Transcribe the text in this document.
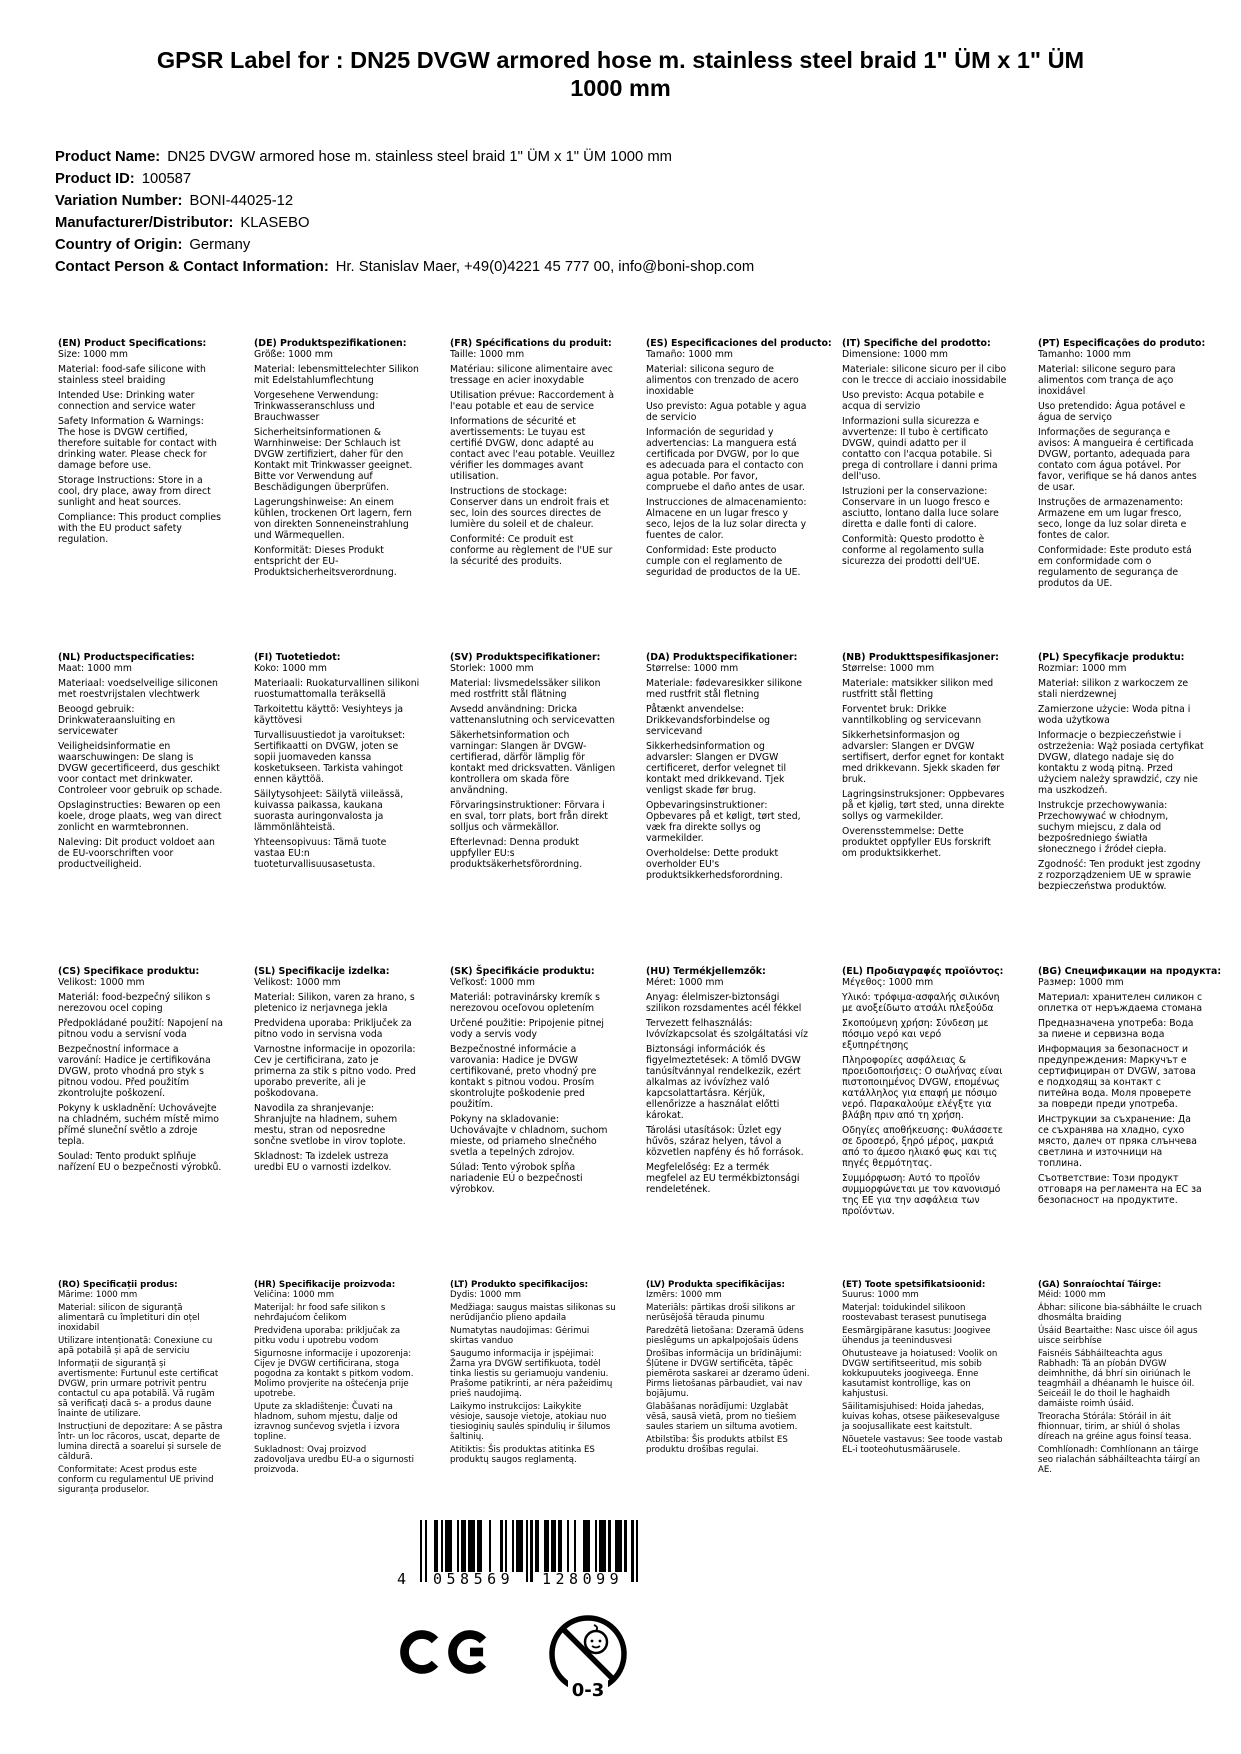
GPSR Label for : DN25 DVGW armored hose m. stainless steel braid 1" ÜM x 1" ÜM 1000 mm
Product Name: DN25 DVGW armored hose m. stainless steel braid 1" ÜM x 1" ÜM 1000 mm
Product ID: 100587
Variation Number: BONI-44025-12
Manufacturer/Distributor: KLASEBO
Country of Origin: Germany
Contact Person & Contact Information: Hr. Stanislav Maer, +49(0)4221 45 777 00, info@boni-shop.com
(EN) Product Specifications:

Size: 1000 mm

Material: food-safe silicone with stainless steel braiding

Intended Use: Drinking water connection and service water

Safety Information & Warnings: The hose is DVGW certified, therefore suitable for contact with drinking water. Please check for damage before use.

Storage Instructions: Store in a cool, dry place, away from direct sunlight and heat sources.

Compliance: This product complies with the EU product safety regulation.

(DE) Produktspezifikationen:

Größe: 1000 mm

Material: lebensmittelechter Silikon mit Edelstahlumflechtung

Vorgesehene Verwendung: Trinkwasseranschluss und Brauchwasser

Sicherheitsinformationen & Warnhinweise: Der Schlauch ist DVGW zertifiziert, daher für den Kontakt mit Trinkwasser geeignet. Bitte vor Verwendung auf Beschädigungen überprüfen.

Lagerungshinweise: An einem kühlen, trockenen Ort lagern, fern von direkten Sonneneinstrahlung und Wärmequellen.

Konformität: Dieses Produkt entspricht der EU-Produktsicherheitsverordnung.

(FR) Spécifications du produit:

Taille: 1000 mm

Matériau: silicone alimentaire avec tressage en acier inoxydable

Utilisation prévue: Raccordement à l'eau potable et eau de service

Informations de sécurité et avertissements: Le tuyau est certifié DVGW, donc adapté au contact avec l'eau potable. Veuillez vérifier les dommages avant utilisation.

Instructions de stockage: Conserver dans un endroit frais et sec, loin des sources directes de lumière du soleil et de chaleur.

Conformité: Ce produit est conforme au règlement de l'UE sur la sécurité des produits.

(ES) Especificaciones del producto:

Tamaño: 1000 mm

Material: silicona seguro de alimentos con trenzado de acero inoxidable

Uso previsto: Agua potable y agua de servicio

Información de seguridad y advertencias: La manguera está certificada por DVGW, por lo que es adecuada para el contacto con agua potable. Por favor, compruebe el daño antes de usar.

Instrucciones de almacenamiento: Almacene en un lugar fresco y seco, lejos de la luz solar directa y fuentes de calor.

Conformidad: Este producto cumple con el reglamento de seguridad de productos de la UE.

(IT) Specifiche del prodotto:

Dimensione: 1000 mm

Materiale: silicone sicuro per il cibo con le trecce di acciaio inossidabile

Uso previsto: Acqua potabile e acqua di servizio

Informazioni sulla sicurezza e avvertenze: Il tubo è certificato DVGW, quindi adatto per il contatto con l'acqua potabile. Si prega di controllare i danni prima dell'uso.

Istruzioni per la conservazione: Conservare in un luogo fresco e asciutto, lontano dalla luce solare diretta e dalle fonti di calore.

Conformità: Questo prodotto è conforme al regolamento sulla sicurezza dei prodotti dell'UE.

(PT) Especificações do produto:

Tamanho: 1000 mm

Material: silicone seguro para alimentos com trança de aço inoxidável

Uso pretendido: Água potável e água de serviço

Informações de segurança e avisos: A mangueira é certificada DVGW, portanto, adequada para contato com água potável. Por favor, verifique se há danos antes de usar.

Instruções de armazenamento: Armazene em um lugar fresco, seco, longe da luz solar direta e fontes de calor.

Conformidade: Este produto está em conformidade com o regulamento de segurança de produtos da UE.

(NL) Productspecificaties:

Maat: 1000 mm

Materiaal: voedselveilige siliconen met roestvrijstalen vlechtwerk

Beoogd gebruik: Drinkwateraansluiting en servicewater

Veiligheidsinformatie en waarschuwingen: De slang is DVGW gecertificeerd, dus geschikt voor contact met drinkwater. Controleer voor gebruik op schade.

Opslaginstructies: Bewaren op een koele, droge plaats, weg van direct zonlicht en warmtebronnen.

Naleving: Dit product voldoet aan de EU-voorschriften voor productveiligheid.

(FI) Tuotetiedot:

Koko: 1000 mm

Materiaali: Ruokaturvallinen silikoni ruostumattomalla teräksellä

Tarkoitettu käyttö: Vesiyhteys ja käyttövesi

Turvallisuustiedot ja varoitukset: Sertifikaatti on DVGW, joten se sopii juomaveden kanssa kosketukseen. Tarkista vahingot ennen käyttöä.

Säilytysohjeet: Säilytä viileässä, kuivassa paikassa, kaukana suorasta auringonvalosta ja lämmönlähteistä.

Yhteensopivuus: Tämä tuote vastaa EU:n tuoteturvallisuusasetusta.

(SV) Produktspecifikationer:

Storlek: 1000 mm

Material: livsmedelssäker silikon med rostfritt stål flätning

Avsedd användning: Dricka vattenanslutning och servicevatten

Säkerhetsinformation och varningar: Slangen är DVGW-certifierad, därför lämplig för kontakt med dricksvatten. Vänligen kontrollera om skada före användning.

Förvaringsinstruktioner: Förvara i en sval, torr plats, bort från direkt solljus och värmekällor.

Efterlevnad: Denna produkt uppfyller EU:s produktsäkerhetsförordning.

(DA) Produktspecifikationer:

Størrelse: 1000 mm

Materiale: fødevaresikker silikone med rustfrit stål fletning

Påtænkt anvendelse: Drikkevandsforbindelse og servicevand

Sikkerhedsinformation og advarsler: Slangen er DVGW certificeret, derfor velegnet til kontakt med drikkevand. Tjek venligst skade før brug.

Opbevaringsinstruktioner: Opbevares på et køligt, tørt sted, væk fra direkte sollys og varmekilder.

Overholdelse: Dette produkt overholder EU's produktsikkerhedsforordning.

(NB) Produkttspesifikasjoner:

Størrelse: 1000 mm

Materiale: matsikker silikon med rustfritt stål fletting

Forventet bruk: Drikke vanntilkobling og servicevann

Sikkerhetsinformasjon og advarsler: Slangen er DVGW sertifisert, derfor egnet for kontakt med drikkevann. Sjekk skaden før bruk.

Lagringsinstruksjoner: Oppbevares på et kjølig, tørt sted, unna direkte sollys og varmekilder.

Overensstemmelse: Dette produktet oppfyller EUs forskrift om produktsikkerhet.

(PL) Specyfikacje produktu:

Rozmiar: 1000 mm

Materiał: silikon z warkoczem ze stali nierdzewnej

Zamierzone użycie: Woda pitna i woda użytkowa

Informacje o bezpieczeństwie i ostrzeżenia: Wąż posiada certyfikat DVGW, dlatego nadaje się do kontaktu z wodą pitną. Przed użyciem należy sprawdzić, czy nie ma uszkodzeń.

Instrukcje przechowywania: Przechowywać w chłodnym, suchym miejscu, z dala od bezpośredniego światła słonecznego i źródeł ciepła.

Zgodność: Ten produkt jest zgodny z rozporządzeniem UE w sprawie bezpieczeństwa produktów.

(CS) Specifikace produktu:

Velikost: 1000 mm

Materiál: food-bezpečný silikon s nerezovou ocel coping

Předpokládané použití: Napojení na pitnou vodu a servisní voda

Bezpečnostní informace a varování: Hadice je certifikována DVGW, proto vhodná pro styk s pitnou vodou. Před použitím zkontrolujte poškození.

Pokyny k uskladnění: Uchovávejte na chladném, suchém místě mimo přímé sluneční světlo a zdroje tepla.

Soulad: Tento produkt splňuje nařízení EU o bezpečnosti výrobků.

(SL) Specifikacije izdelka:

Velikost: 1000 mm

Material: Silikon, varen za hrano, s pletenico iz nerjavnega jekla

Predvidena uporaba: Priključek za pitno vodo in servisna voda

Varnostne informacije in opozorila: Cev je certificirana, zato je primerna za stik s pitno vodo. Pred uporabo preverite, ali je poškodovana.

Navodila za shranjevanje: Shranjujte na hladnem, suhem mestu, stran od neposredne sončne svetlobe in virov toplote.

Skladnost: Ta izdelek ustreza uredbi EU o varnosti izdelkov.

(SK) Špecifikácie produktu:

Veľkosť: 1000 mm

Materiál: potravinársky kremík s nerezovou oceľovou opletením

Určené použitie: Pripojenie pitnej vody a servis vody

Bezpečnostné informácie a varovania: Hadice je DVGW certifikované, preto vhodný pre kontakt s pitnou vodou. Prosím skontrolujte poškodenie pred použitím.

Pokyny na skladovanie: Uchovávajte v chladnom, suchom mieste, od priameho slnečného svetla a tepelných zdrojov.

Súlad: Tento výrobok spĺňa nariadenie EÚ o bezpečnosti výrobkov.

(HU) Termékjellemzők:

Méret: 1000 mm

Anyag: élelmiszer-biztonsági szilikon rozsdamentes acél fékkel

Tervezett felhasználás: Ivóvízkapcsolat és szolgáltatási víz

Biztonsági információk és figyelmeztetések: A tömlő DVGW tanúsítvánnyal rendelkezik, ezért alkalmas az ivóvízhez való kapcsolattartásra. Kérjük, ellenőrizze a használat előtti károkat.

Tárolási utasítások: Üzlet egy hűvös, száraz helyen, távol a közvetlen napfény és hő források.

Megfelelőség: Ez a termék megfelel az EU termékbiztonsági rendeletének.

(EL) Προδιαγραφές προϊόντος:

Μέγεθος: 1000 mm

Υλικό: τρόφιμα-ασφαλής σιλικόνη με ανοξείδωτο ατσάλι πλεξούδα

Σκοπούμενη χρήση: Σύνδεση με πόσιμο νερό και νερό εξυπηρέτησης

Πληροφορίες ασφάλειας & προειδοποιήσεις: Ο σωλήνας είναι πιστοποιημένος DVGW, επομένως κατάλληλος για επαφή με πόσιμο νερό. Παρακαλούμε ελέγξτε για βλάβη πριν από τη χρήση.

Οδηγίες αποθήκευσης: Φυλάσσετε σε δροσερό, ξηρό μέρος, μακριά από το άμεσο ηλιακό φως και τις πηγές θερμότητας.

Συμμόρφωση: Αυτό το προϊόν συμμορφώνεται με τον κανονισμό της ΕΕ για την ασφάλεια των προϊόντων.

(BG) Спецификации на продукта:

Размер: 1000 mm

Материал: хранителен силикон с оплетка от неръждаема стомана

Предназначена употреба: Вода за пиене и сервизна вода

Информация за безопасност и предупреждения: Маркучът е сертифициран от DVGW, затова е подходящ за контакт с питейна вода. Моля проверете за повреди преди употреба.

Инструкции за съхранение: Да се съхранява на хладно, сухо място, далеч от пряка слънчева светлина и източници на топлина.

Съответствие: Този продукт отговаря на регламента на ЕС за безопасност на продуктите.

(RO) Specificații produs:

Mărime: 1000 mm

Material: silicon de siguranță alimentară cu împletituri din oțel inoxidabil

Utilizare intenționată: Conexiune cu apă potabilă și apă de serviciu

Informații de siguranță și avertismente: Furtunul este certificat DVGW, prin urmare potrivit pentru contactul cu apa potabilă. Vă rugăm să verificați dacă s- a produs daune înainte de utilizare.

Instrucțiuni de depozitare: A se păstra într- un loc răcoros, uscat, departe de lumina directă a soarelui și sursele de căldură.

Conformitate: Acest produs este conform cu regulamentul UE privind siguranța produselor.

(HR) Specifikacije proizvoda:

Veličina: 1000 mm

Materijal: hr food safe silikon s nehrđajućom čelikom

Predviđena uporaba: priključak za pitku vodu i upotrebu vodom

Sigurnosne informacije i upozorenja: Cijev je DVGW certificirana, stoga pogodna za kontakt s pitkom vodom. Molimo provjerite na oštećenja prije upotrebe.

Upute za skladištenje: Čuvati na hladnom, suhom mjestu, dalje od izravnog sunčevog svjetla i izvora topline.

Sukladnost: Ovaj proizvod zadovoljava uredbu EU-a o sigurnosti proizvoda.

(LT) Produkto specifikacijos:

Dydis: 1000 mm

Medžiaga: saugus maistas silikonas su nerūdijančio plieno apdaila

Numatytas naudojimas: Gėrimui skirtas vanduo

Saugumo informacija ir įspėjimai: Žarna yra DVGW sertifikuota, todėl tinka liestis su geriamuoju vandeniu. Prašome patikrinti, ar nėra pažeidimų prieš naudojimą.

Laikymo instrukcijos: Laikykite vėsioje, sausoje vietoje, atokiau nuo tiesioginių saulės spindulių ir šilumos šaltinių.

Atitiktis: Šis produktas atitinka ES produktų saugos reglamentą.

(LV) Produkta specifikācijas:

Izmērs: 1000 mm

Materiāls: pārtikas droši silikons ar nerūsējošā tērauda pinumu

Paredzētā lietošana: Dzeramā ūdens pieslēgums un apkalpojošais ūdens

Drošības informācija un brīdinājumi: Šļūtene ir DVGW sertificēta, tāpēc piemērota saskarei ar dzeramo ūdeni. Pirms lietošanas pārbaudiet, vai nav bojājumu.

Glabāšanas norādījumi: Uzglabāt vēsā, sausā vietā, prom no tiešiem saules stariem un siltuma avotiem.

Atbilstība: Šis produkts atbilst ES produktu drošības regulai.

(ET) Toote spetsifikatsioonid:

Suurus: 1000 mm

Materjal: toidukindel silikoon roostevabast terasest punutisega

Eesmärgipärane kasutus: Joogivee ühendus ja teenindusvesi

Ohutusteave ja hoiatused: Voolik on DVGW sertifitseeritud, mis sobib kokkupuuteks joogiveega. Enne kasutamist kontrollige, kas on kahjustusi.

Säilitamisjuhised: Hoida jahedas, kuivas kohas, otsese päikesevalguse ja soojusallikate eest kaitstult.

Nõuetele vastavus: See toode vastab EL-i tooteohutusmäärusele.

(GA) Sonraíochtaí Táirge:

Méid: 1000 mm

Ábhar: silicone bia-sábháilte le cruach dhosmálta braiding

Úsáid Beartaithe: Nasc uisce óil agus uisce seirbhíse

Faisnéis Sábháilteachta agus Rabhadh: Tá an píobán DVGW deimhnithe, dá bhrí sin oiriúnach le teagmháil a dhéanamh le huisce óil. Seiceáil le do thoil le haghaidh damáiste roimh úsáid.

Treoracha Stórála: Stóráil in áit fhionnuar, tirim, ar shiúl ó sholas díreach na gréine agus foinsí teasa.

Comhlíonadh: Comhlíonann an táirge seo rialachán sábháilteachta táirgí an AE.

4 058569 128099
0-3
